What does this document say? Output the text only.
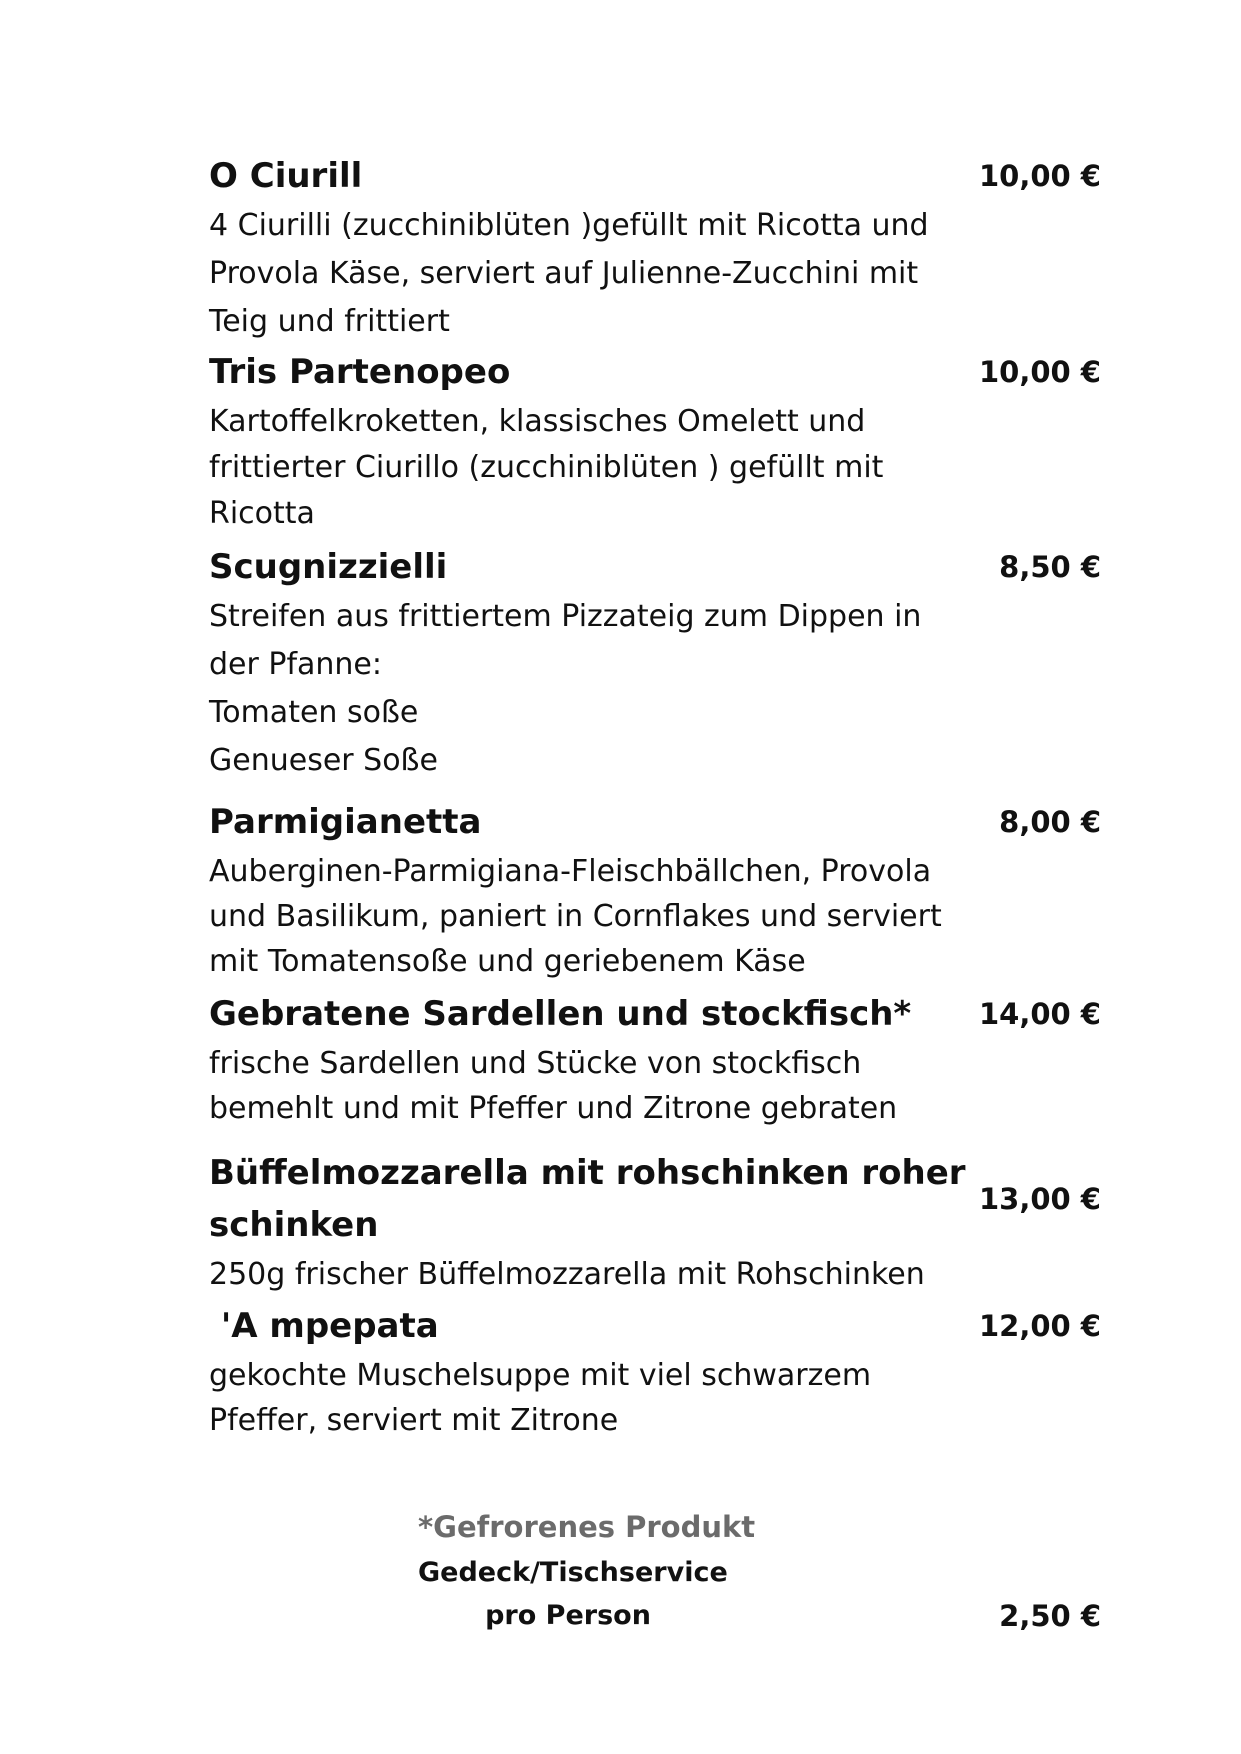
O Ciurill	10,00 €
4 Ciurilli (zucchiniblüten )gefüllt mit Ricotta und
Provola Käse, serviert auf Julienne-Zucchini mit
Teig und frittiert
Tris Partenopeo	10,00 €
Kartoffelkroketten, klassisches Omelett und
frittierter Ciurillo (zucchiniblüten ) gefüllt mit
Ricotta
Scugnizzielli	8,50 €
Streifen aus frittiertem Pizzateig zum Dippen in
der Pfanne:
Tomaten soße
Genueser Soße
Parmigianetta	8,00 €
Auberginen-Parmigiana-Fleischbällchen, Provola
und Basilikum, paniert in Cornflakes und serviert
mit Tomatensoße und geriebenem Käse
Gebratene Sardellen und stockfisch* 14,00 €
frische Sardellen und Stücke von stockfisch
bemehlt und mit Pfeffer und Zitrone gebraten
Büffelmozzarella mit rohschinken roher
schinken
13,00 €
250g frischer Büffelmozzarella mit Rohschinken
'A mpepata	12,00 €
gekochte Muschelsuppe mit viel schwarzem
Pfeffer, serviert mit Zitrone
*Gefrorenes Produkt
Gedeck/Tischservice
pro Person	2,50 €
